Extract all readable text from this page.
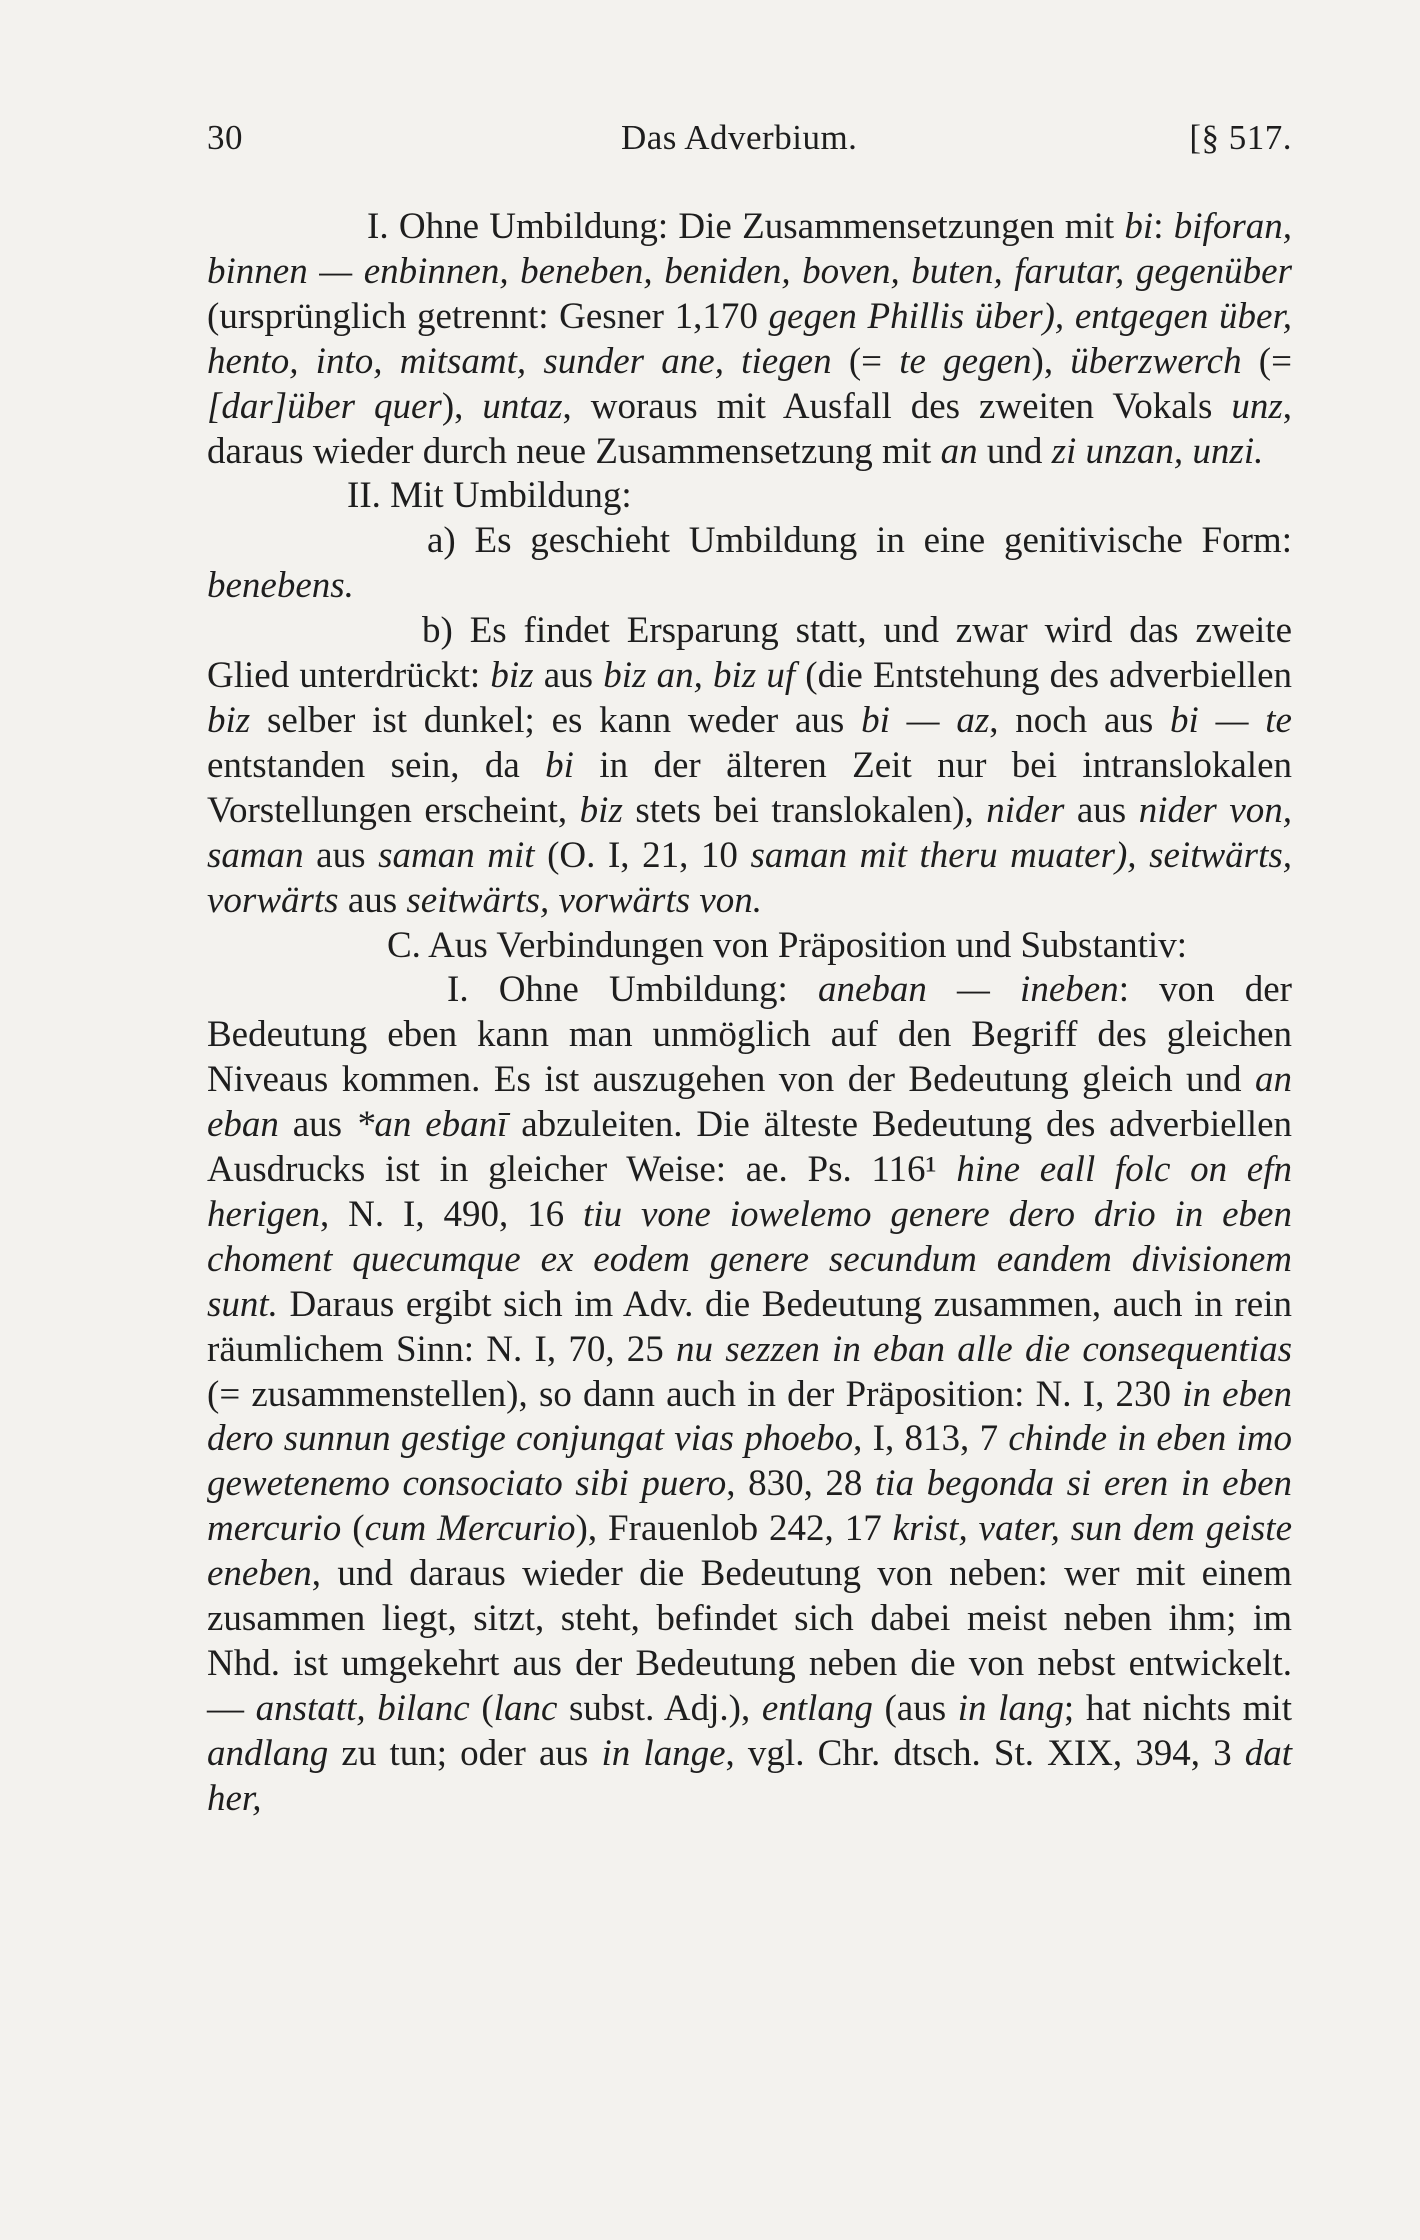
30	Das Adverbium.	[§ 517.

I. Ohne Umbildung: Die Zusammensetzungen mit bi: biforan, binnen — enbinnen, beneben, beniden, boven, buten, farutar, gegenüber (ursprünglich getrennt: Gesner 1,170 gegen Phillis über), entgegen über, hento, into, mitsamt, sunder ane, tiegen (= te gegen), überzwerch (= [dar]über quer), untaz, woraus mit Ausfall des zweiten Vokals unz, daraus wieder durch neue Zusammensetzung mit an und zi unzan, unzi.

II. Mit Umbildung:

a) Es geschieht Umbildung in eine genitivische Form: benebens.

b) Es findet Ersparung statt, und zwar wird das zweite Glied unterdrückt: biz aus biz an, biz uf (die Entstehung des adverbiellen biz selber ist dunkel; es kann weder aus bi — az, noch aus bi — te entstanden sein, da bi in der älteren Zeit nur bei intranslokalen Vorstellungen erscheint, biz stets bei translokalen), nider aus nider von, saman aus saman mit (O. I, 21, 10 saman mit theru muater), seitwärts, vorwärts aus seitwärts, vorwärts von.

C. Aus Verbindungen von Präposition und Substantiv:

I. Ohne Umbildung: aneban — ineben: von der Bedeutung eben kann man unmöglich auf den Begriff des gleichen Niveaus kommen. Es ist auszugehen von der Bedeutung gleich und an eban aus *an ebanī abzuleiten. Die älteste Bedeutung des adverbiellen Ausdrucks ist in gleicher Weise: ae. Ps. 116¹ hine eall folc on efn herigen, N. I, 490, 16 tiu vone iowelemo genere dero drio in eben choment quecumque ex eodem genere secundum eandem divisionem sunt. Daraus ergibt sich im Adv. die Bedeutung zusammen, auch in rein räumlichem Sinn: N. I, 70, 25 nu sezzen in eban alle die consequentias (= zusammenstellen), so dann auch in der Präposition: N. I, 230 in eben dero sunnun gestige conjungat vias phoebo, I, 813, 7 chinde in eben imo gewetenemo consociato sibi puero, 830, 28 tia begonda si eren in eben mercurio (cum Mercurio), Frauenlob 242, 17 krist, vater, sun dem geiste eneben, und daraus wieder die Bedeutung von neben: wer mit einem zusammen liegt, sitzt, steht, befindet sich dabei meist neben ihm; im Nhd. ist umgekehrt aus der Bedeutung neben die von nebst entwickelt. — anstatt, bilanc (lanc subst. Adj.), entlang (aus in lang; hat nichts mit andlang zu tun; oder aus in lange, vgl. Chr. dtsch. St. XIX, 394, 3 dat her,
